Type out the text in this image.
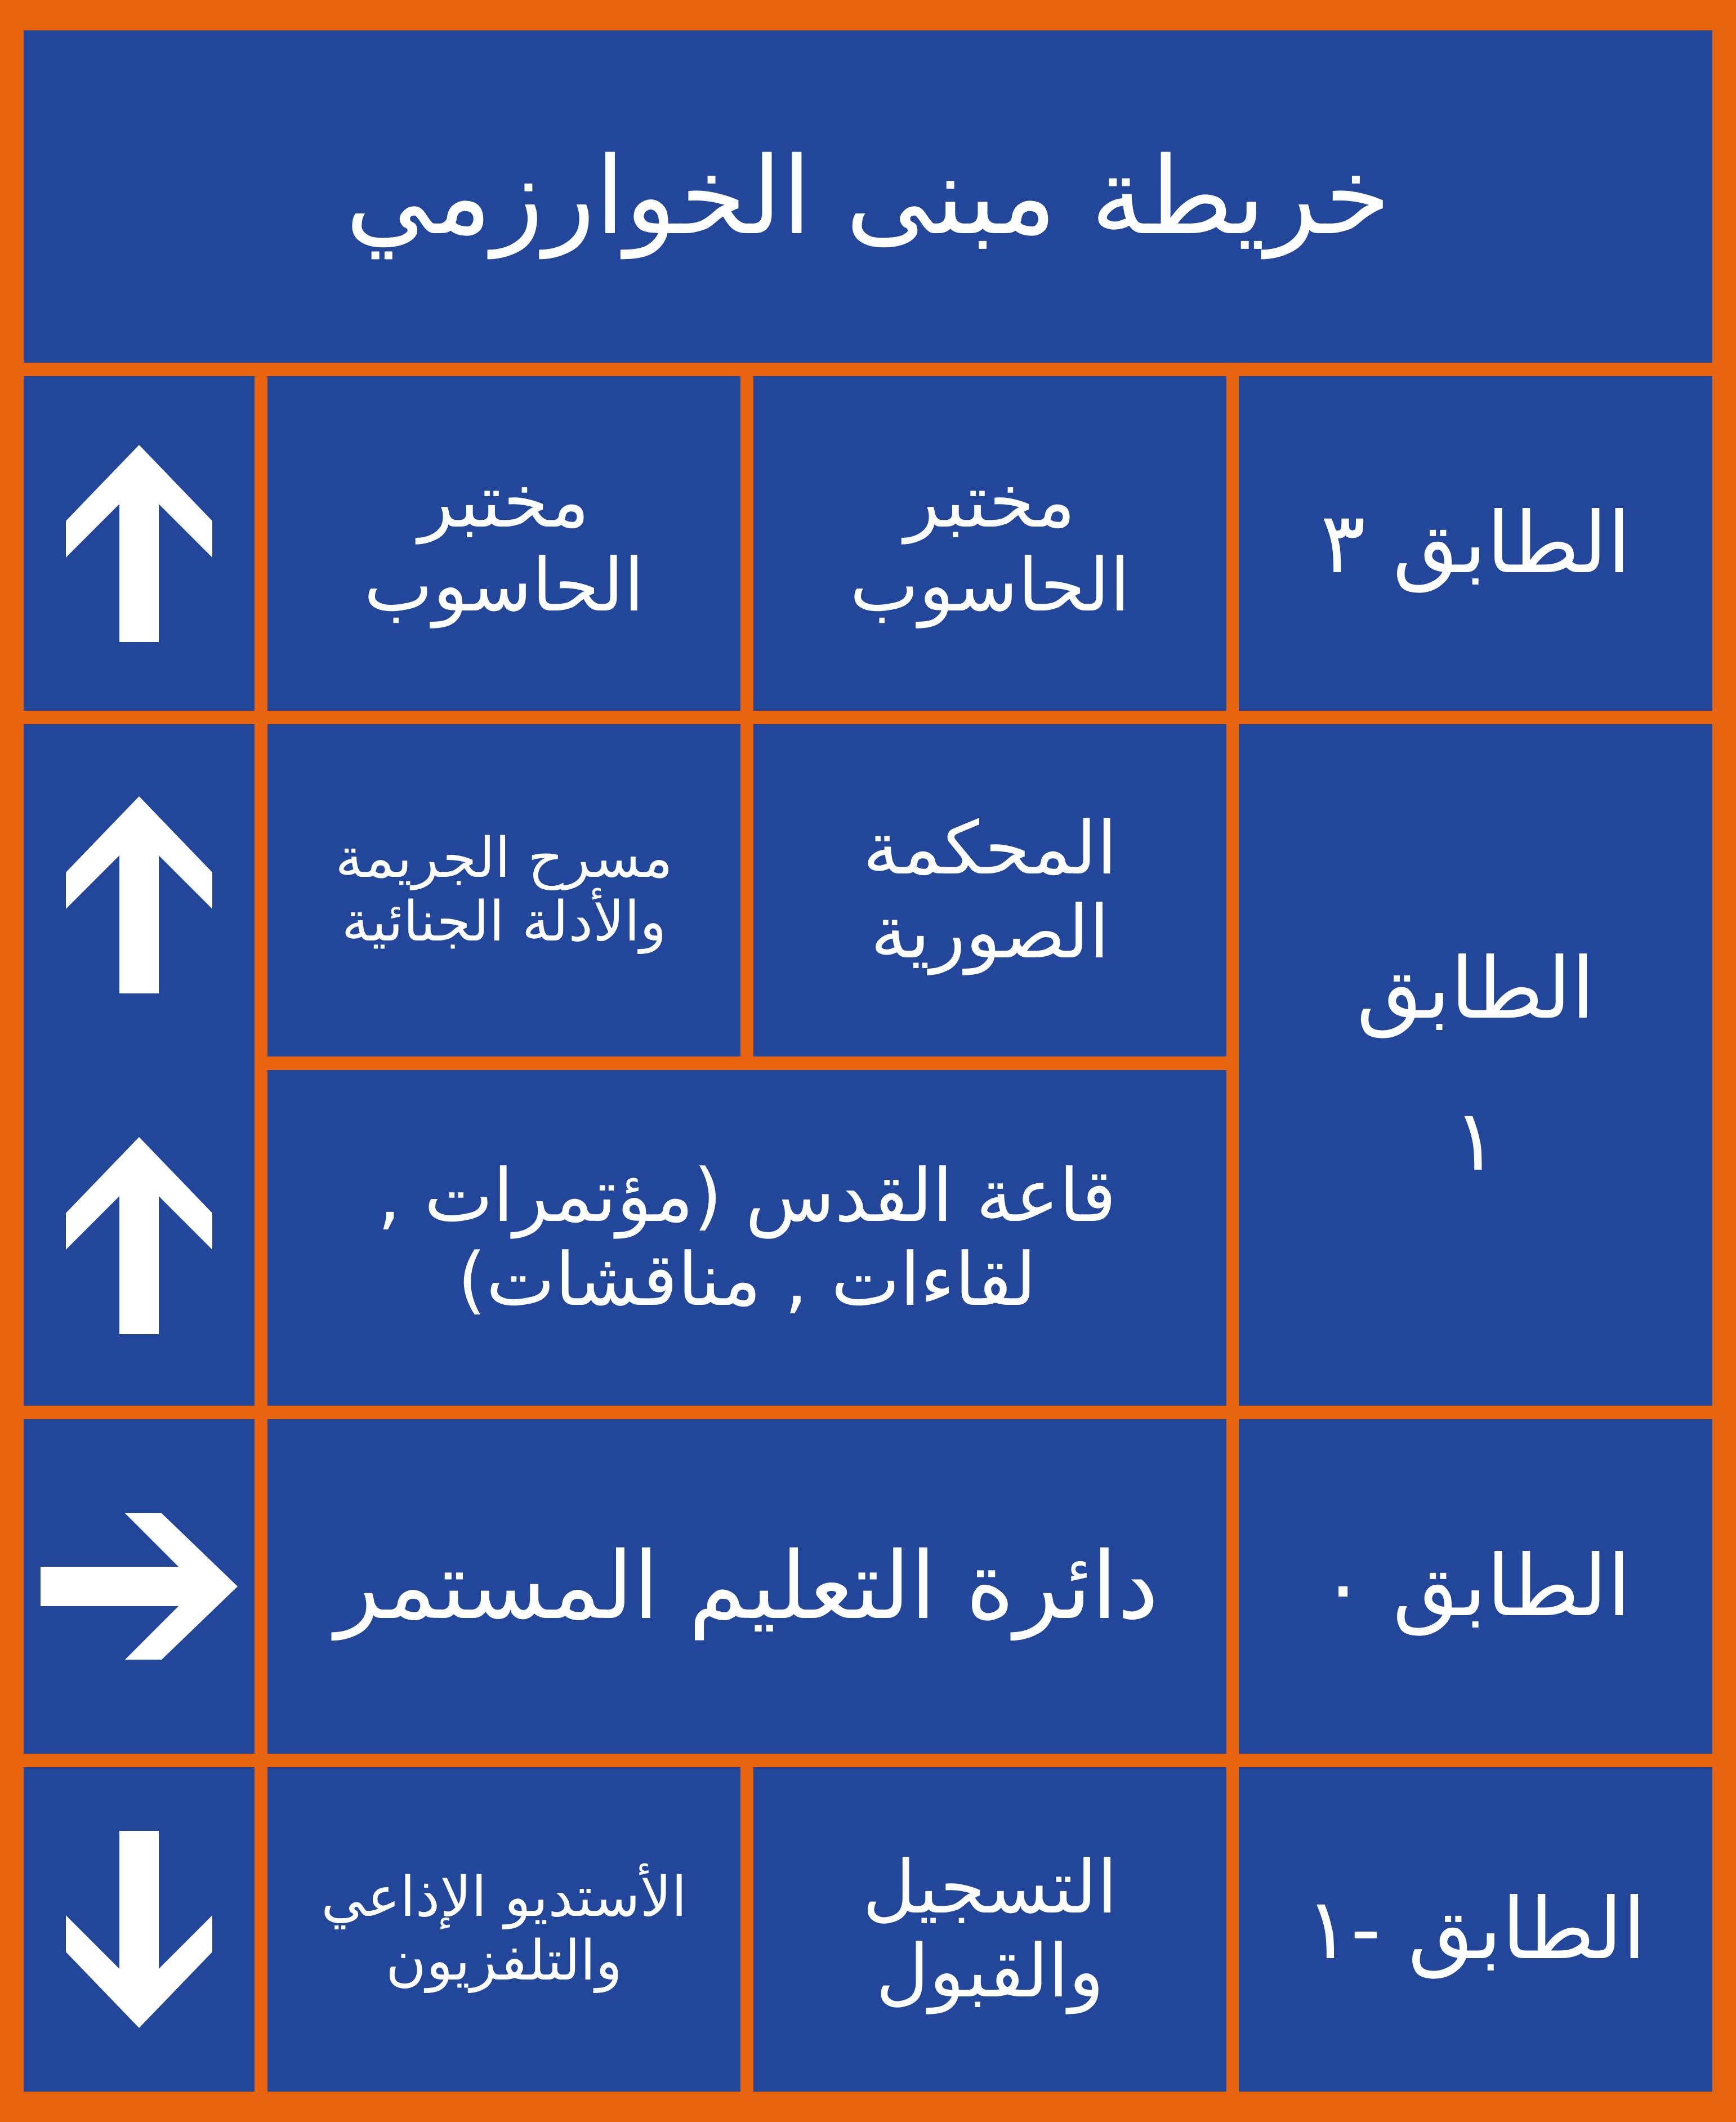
خريطة مبنى الخوارزمي
الطابق ٣
مختبر الحاسوب
مختبر الحاسوب
الطابق
١
المحكمة الصورية
مسرح الجريمة والأدلة الجنائية
قاعة القدس (مؤتمرات , لقاءات , مناقشات)
الطابق ٠
دائرة التعليم المستمر
الطابق -١
التسجيل والقبول
الأستديو الإذاعي والتلفزيون
